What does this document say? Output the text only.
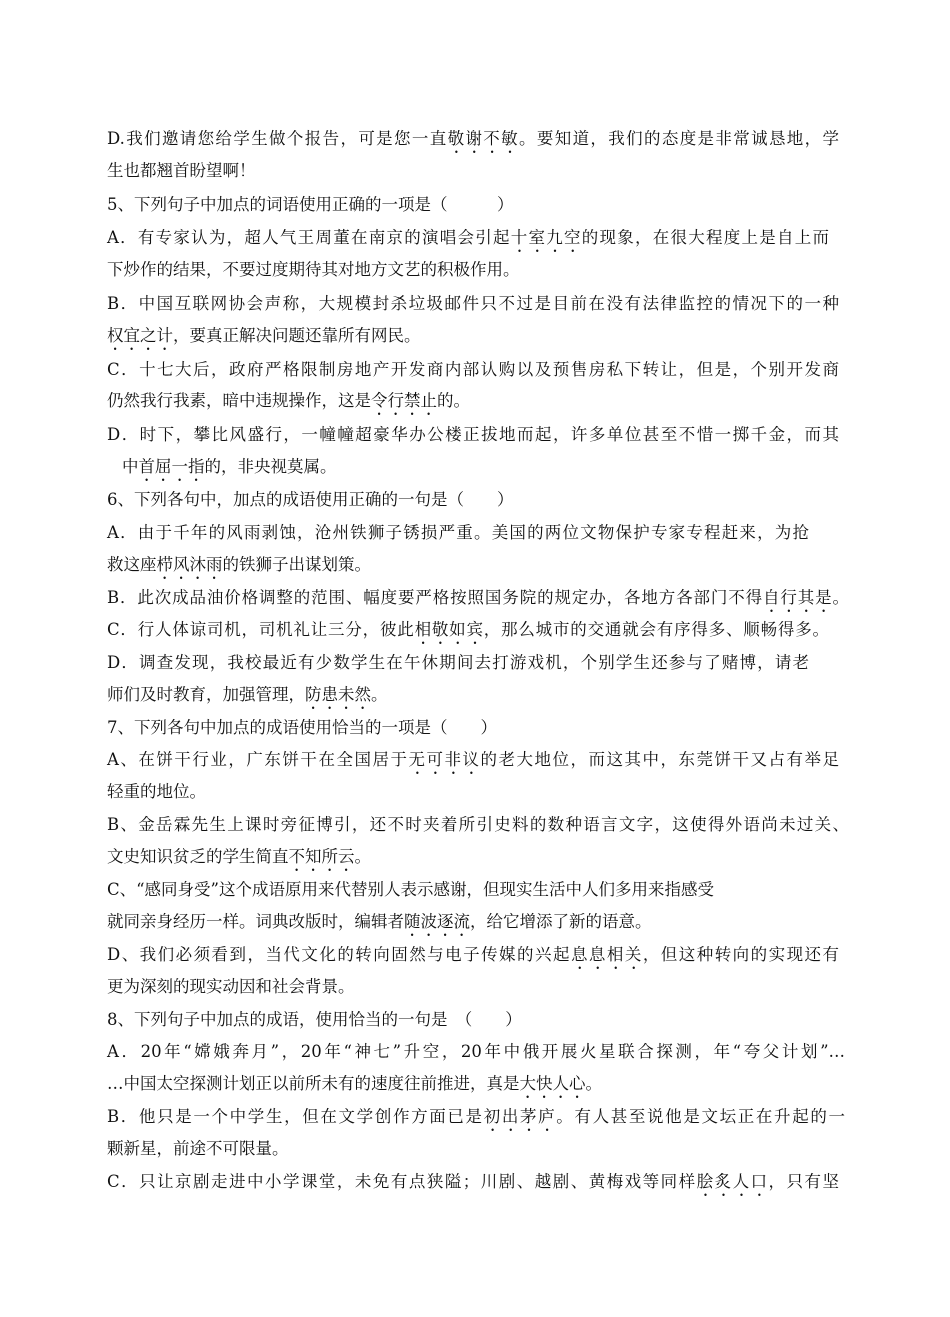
D.我们邀请您给学生做个报告，可是您一直敬谢不敏。要知道，我们的态度是非常诚恳地，学
生也都翘首盼望啊！
5、下列句子中加点的词语使用正确的一项是（　　　）
A．有专家认为，超人气王周董在南京的演唱会引起十室九空的现象，在很大程度上是自上而
下炒作的结果，不要过度期待其对地方文艺的积极作用。
B．中国互联网协会声称，大规模封杀垃圾邮件只不过是目前在没有法律监控的情况下的一种
权宜之计，要真正解决问题还靠所有网民。
C．十七大后，政府严格限制房地产开发商内部认购以及预售房私下转让，但是，个别开发商
仍然我行我素，暗中违规操作，这是令行禁止的。
D．时下，攀比风盛行，一幢幢超豪华办公楼正拔地而起，许多单位甚至不惜一掷千金，而其
中首屈一指的，非央视莫属。
6、下列各句中，加点的成语使用正确的一句是（　　）
A．由于千年的风雨剥蚀，沧州铁狮子锈损严重。美国的两位文物保护专家专程赶来，为抢
救这座栉风沐雨的铁狮子出谋划策。
B．此次成品油价格调整的范围、幅度要严格按照国务院的规定办，各地方各部门不得自行其是。
C．行人体谅司机，司机礼让三分，彼此相敬如宾，那么城市的交通就会有序得多、顺畅得多。
D．调查发现，我校最近有少数学生在午休期间去打游戏机，个别学生还参与了赌博，请老
师们及时教育，加强管理，防患未然。
7、下列各句中加点的成语使用恰当的一项是（　　）
A、在饼干行业，广东饼干在全国居于无可非议的老大地位，而这其中，东莞饼干又占有举足
轻重的地位。
B、金岳霖先生上课时旁征博引，还不时夹着所引史料的数种语言文字，这使得外语尚未过关、
文史知识贫乏的学生简直不知所云。
C、“感同身受”这个成语原用来代替别人表示感谢，但现实生活中人们多用来指感受
就同亲身经历一样。词典改版时，编辑者随波逐流，给它增添了新的语意。
D、我们必须看到，当代文化的转向固然与电子传媒的兴起息息相关，但这种转向的实现还有
更为深刻的现实动因和社会背景。
8、下列句子中加点的成语，使用恰当的一句是　（　　）
A．20年“嫦娥奔月”，20年“神七”升空，20年中俄开展火星联合探测，年“夸父计划”…
…中国太空探测计划正以前所未有的速度往前推进，真是大快人心。
B．他只是一个中学生，但在文学创作方面已是初出茅庐。有人甚至说他是文坛正在升起的一
颗新星，前途不可限量。
C．只让京剧走进中小学课堂，未免有点狭隘；川剧、越剧、黄梅戏等同样脍炙人口，只有坚
